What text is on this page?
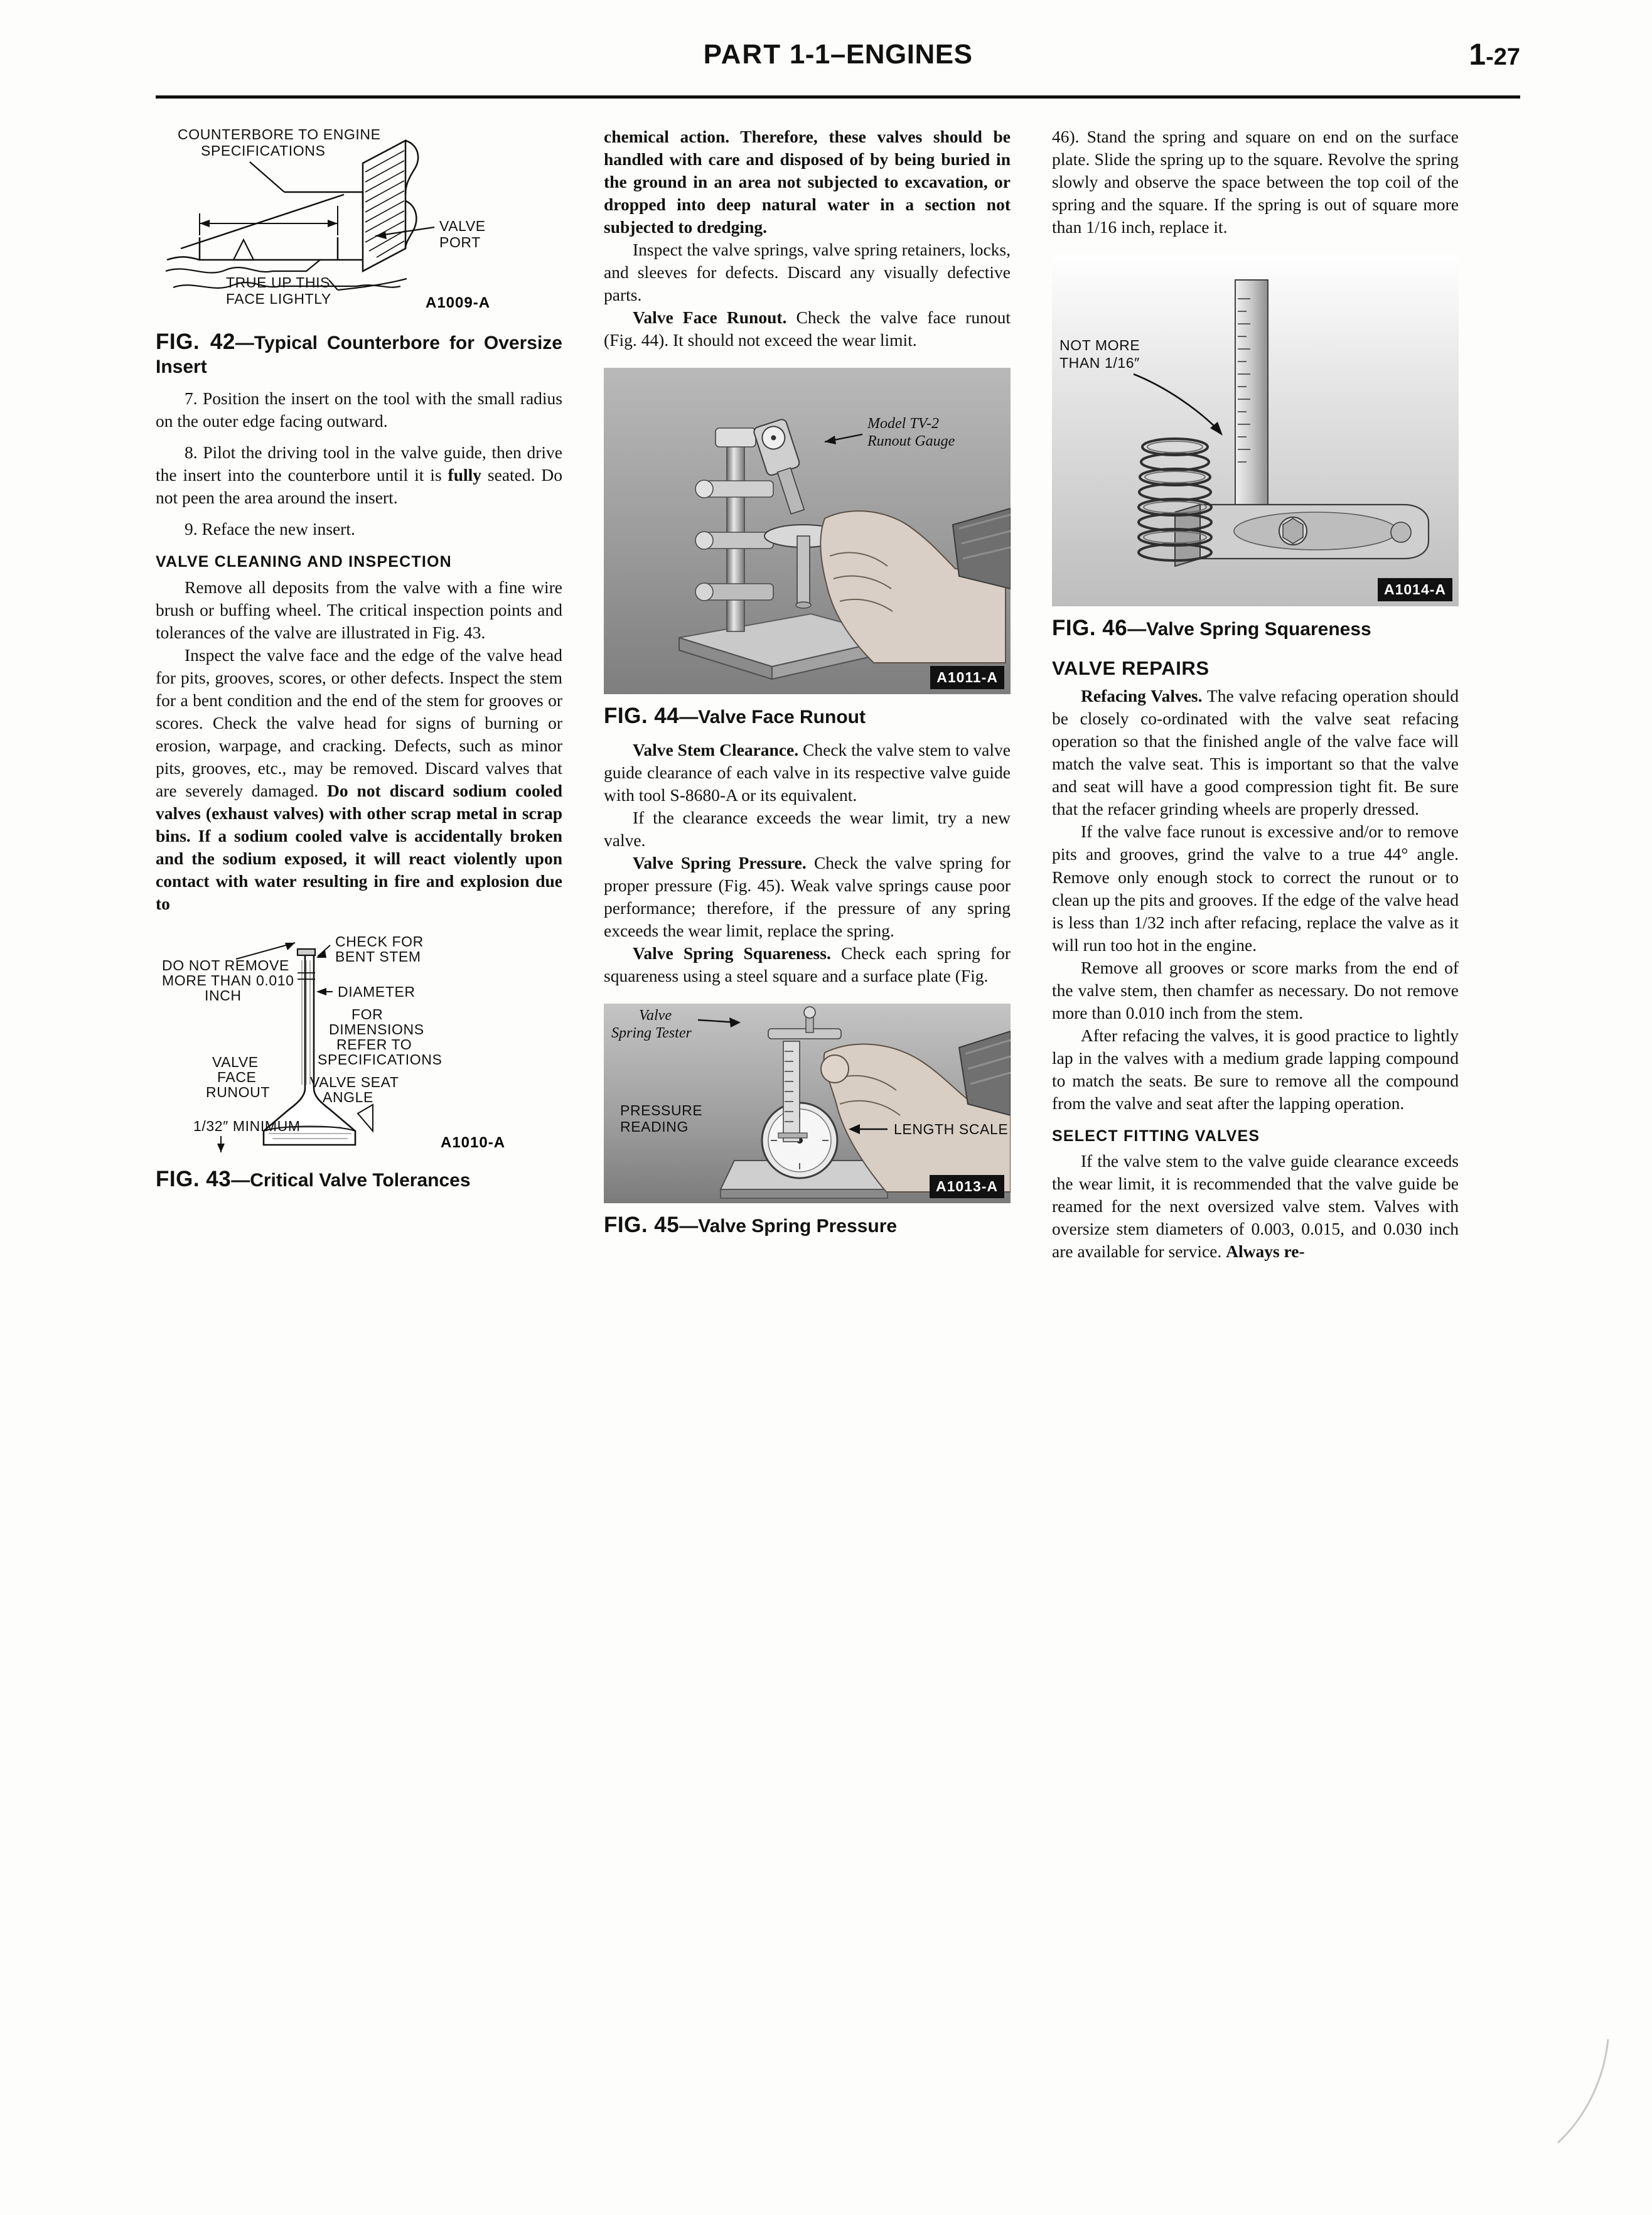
PART 1-1–ENGINES	1-27
COUNTERBORE TO ENGINE
SPECIFICATIONS
VALVE
PORT
TRUE UP THIS
FACE LIGHTLY	A1009-A
FIG. 42—Typical Counterbore for Oversize Insert

7. Position the insert on the tool with the small radius on the outer edge facing outward.

8. Pilot the driving tool in the valve guide, then drive the insert into the counterbore until it is fully seated. Do not peen the area around the insert.

9. Reface the new insert.

VALVE CLEANING AND INSPECTION

Remove all deposits from the valve with a fine wire brush or buffing wheel. The critical inspection points and tolerances of the valve are illustrated in Fig. 43.

Inspect the valve face and the edge of the valve head for pits, grooves, scores, or other defects. Inspect the stem for a bent condition and the end of the stem for grooves or scores. Check the valve head for signs of burning or erosion, warpage, and cracking. Defects, such as minor pits, grooves, etc., may be removed. Discard valves that are severely damaged. Do not discard sodium cooled valves (exhaust valves) with other scrap metal in scrap bins. If a sodium cooled valve is accidentally broken and the sodium exposed, it will react violently upon contact with water resulting in fire and explosion due to

CHECK FOR
BENT STEM
DO NOT REMOVE
MORE THAN 0.010
INCH	DIAMETER
FOR
DIMENSIONS
REFER TO
SPECIFICATIONS
VALVE
FACE
RUNOUT
VALVE SEAT
ANGLE
1/32″ MINIMUM
A1010-A
FIG. 43—Critical Valve Tolerances

chemical action. Therefore, these valves should be handled with care and disposed of by being buried in the ground in an area not subjected to excavation, or dropped into deep natural water in a section not subjected to dredging.

Inspect the valve springs, valve spring retainers, locks, and sleeves for defects. Discard any visually defective parts.

Valve Face Runout. Check the valve face runout (Fig. 44). It should not exceed the wear limit.

Model TV-2
Runout Gauge
A1011-A
FIG. 44—Valve Face Runout

Valve Stem Clearance. Check the valve stem to valve guide clearance of each valve in its respective valve guide with tool S-8680-A or its equivalent.

If the clearance exceeds the wear limit, try a new valve.

Valve Spring Pressure. Check the valve spring for proper pressure (Fig. 45). Weak valve springs cause poor performance; therefore, if the pressure of any spring exceeds the wear limit, replace the spring.

Valve Spring Squareness. Check each spring for squareness using a steel square and a surface plate (Fig.

Valve
Spring Tester
PRESSURE
READING	LENGTH SCALE
A1013-A
FIG. 45—Valve Spring Pressure

46). Stand the spring and square on end on the surface plate. Slide the spring up to the square. Revolve the spring slowly and observe the space between the top coil of the spring and the square. If the spring is out of square more than 1/16 inch, replace it.

NOT MORE
THAN 1/16″
A1014-A
FIG. 46—Valve Spring Squareness
VALVE REPAIRS

Refacing Valves. The valve refacing operation should be closely co-ordinated with the valve seat refacing operation so that the finished angle of the valve face will match the valve seat. This is important so that the valve and seat will have a good compression tight fit. Be sure that the refacer grinding wheels are properly dressed.

If the valve face runout is excessive and/or to remove pits and grooves, grind the valve to a true 44° angle. Remove only enough stock to correct the runout or to clean up the pits and grooves. If the edge of the valve head is less than 1/32 inch after refacing, replace the valve as it will run too hot in the engine.

Remove all grooves or score marks from the end of the valve stem, then chamfer as necessary. Do not remove more than 0.010 inch from the stem.

After refacing the valves, it is good practice to lightly lap in the valves with a medium grade lapping compound to match the seats. Be sure to remove all the compound from the valve and seat after the lapping operation.

SELECT FITTING VALVES

If the valve stem to the valve guide clearance exceeds the wear limit, it is recommended that the valve guide be reamed for the next oversized valve stem. Valves with oversize stem diameters of 0.003, 0.015, and 0.030 inch are available for service. Always re-
